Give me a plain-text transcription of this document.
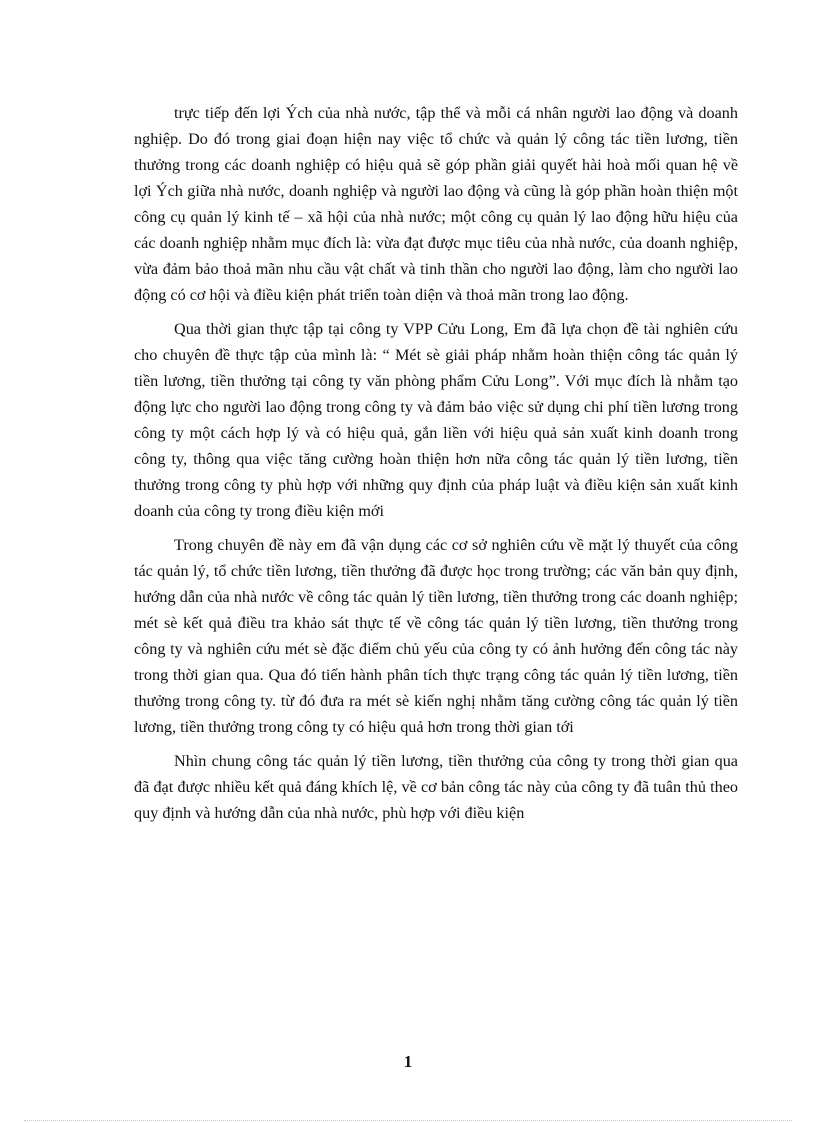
trực tiếp đến lợi Ých của nhà nước, tập thể và mỗi cá nhân người lao động và doanh nghiệp. Do đó trong giai đoạn hiện nay việc tổ chức và quản lý công tác tiền lương, tiền thưởng trong các doanh nghiệp có hiệu quả sẽ góp phần giải quyết hài hoà mối quan hệ về lợi Ých giữa nhà nước, doanh nghiệp và người lao động và cũng là góp phần hoàn thiện một công cụ quản lý kinh tế – xã hội của nhà nước; một công cụ quản lý lao động hữu hiệu của các doanh nghiệp nhằm mục đích là: vừa đạt được mục tiêu của nhà nước, của doanh nghiệp, vừa đảm bảo thoả mãn nhu cầu vật chất và tinh thần cho người lao động, làm cho người lao động có cơ hội và điều kiện phát triển toàn diện và thoả mãn trong lao động.

Qua thời gian thực tập tại công ty VPP Cửu Long, Em đã lựa chọn đề tài nghiên cứu cho chuyên đề thực tập của mình là: “ Mét sè giải pháp nhằm hoàn thiện công tác quản lý tiền lương, tiền thưởng tại công ty văn phòng phẩm Cửu Long”. Với mục đích là nhằm tạo động lực cho người lao động trong công ty và đảm bảo việc sử dụng chi phí tiền lương trong công ty một cách hợp lý và có hiệu quả, gắn liền với hiệu quả sản xuất kinh doanh trong công ty, thông qua việc tăng cường hoàn thiện hơn nữa công tác quản lý tiền lương, tiền thưởng trong công ty phù hợp với những quy định của pháp luật và điều kiện sản xuất kinh doanh của công ty trong điều kiện mới

Trong chuyên đề này em đã vận dụng các cơ sở nghiên cứu về mặt lý thuyết của công tác quản lý, tổ chức tiền lương, tiền thưởng đã được học trong trường; các văn bản quy định, hướng dẫn của nhà nước về công tác quản lý tiền lương, tiền thưởng trong các doanh nghiệp; mét sè kết quả điều tra khảo sát thực tế về công tác quản lý tiền lương, tiền thưởng trong công ty và nghiên cứu mét sè đặc điểm chủ yếu của công ty có ảnh hưởng đến công tác này trong thời gian qua. Qua đó tiến hành phân tích thực trạng công tác quản lý tiền lương, tiền thưởng trong công ty. từ đó đưa ra mét sè kiến nghị nhằm tăng cường công tác quản lý tiền lương, tiền thưởng trong công ty có hiệu quả hơn trong thời gian tới

Nhìn chung công tác quản lý tiền lương, tiền thưởng của công ty trong thời gian qua đã đạt được nhiều kết quả đáng khích lệ, về cơ bản công tác này của công ty đã tuân thủ theo quy định và hướng dẫn của nhà nước, phù hợp với điều kiện

1
